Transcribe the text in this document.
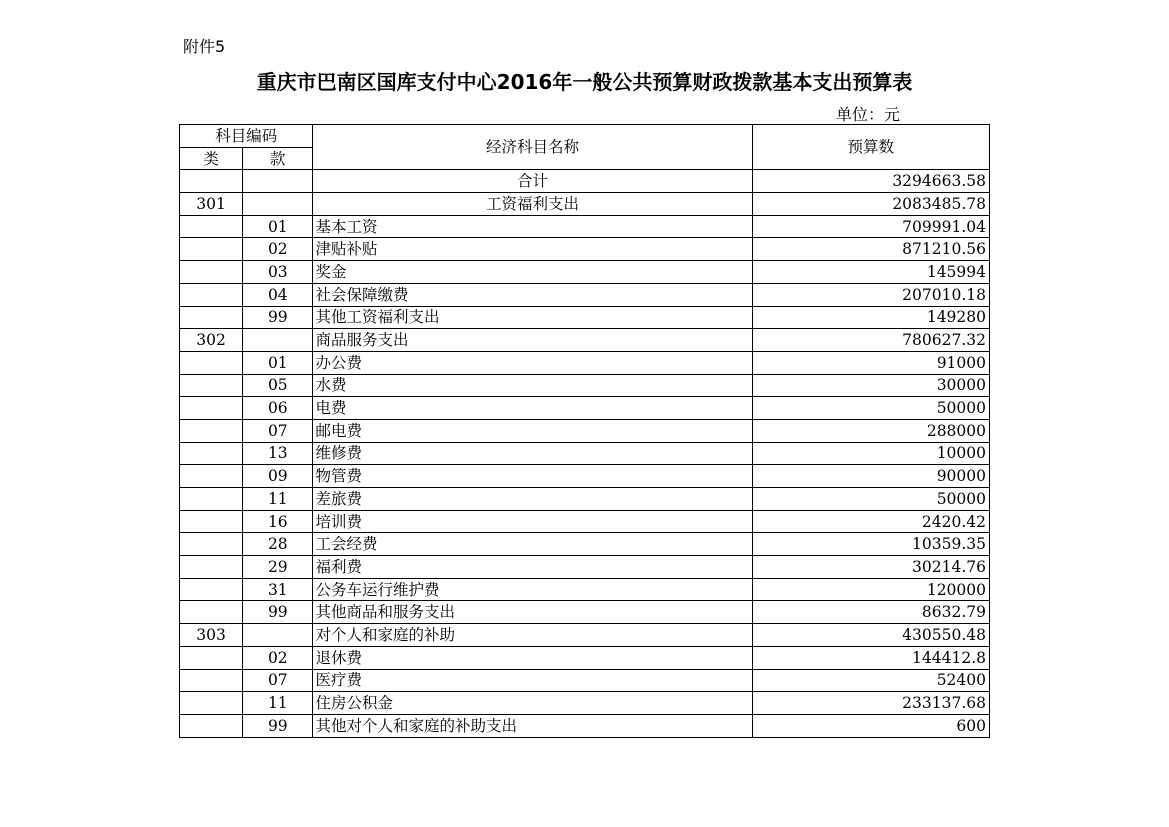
附件5
重庆市巴南区国库支付中心2016年一般公共预算财政拨款基本支出预算表
单位：元
科目编码		经济科目名称	预算数
类	款		
		合计	3294663.58
301		工资福利支出	2083485.78
	01	基本工资	709991.04
	02	津贴补贴	871210.56
	03	奖金	145994
	04	社会保障缴费	207010.18
	99	其他工资福利支出	149280
302		商品服务支出	780627.32
	01	办公费	91000
	05	水费	30000
	06	电费	50000
	07	邮电费	288000
	13	维修费	10000
	09	物管费	90000
	11	差旅费	50000
	16	培训费	2420.42
	28	工会经费	10359.35
	29	福利费	30214.76
	31	公务车运行维护费	120000
	99	其他商品和服务支出	8632.79
303		对个人和家庭的补助	430550.48
	02	退休费	144412.8
	07	医疗费	52400
	11	住房公积金	233137.68
	99	其他对个人和家庭的补助支出	600
